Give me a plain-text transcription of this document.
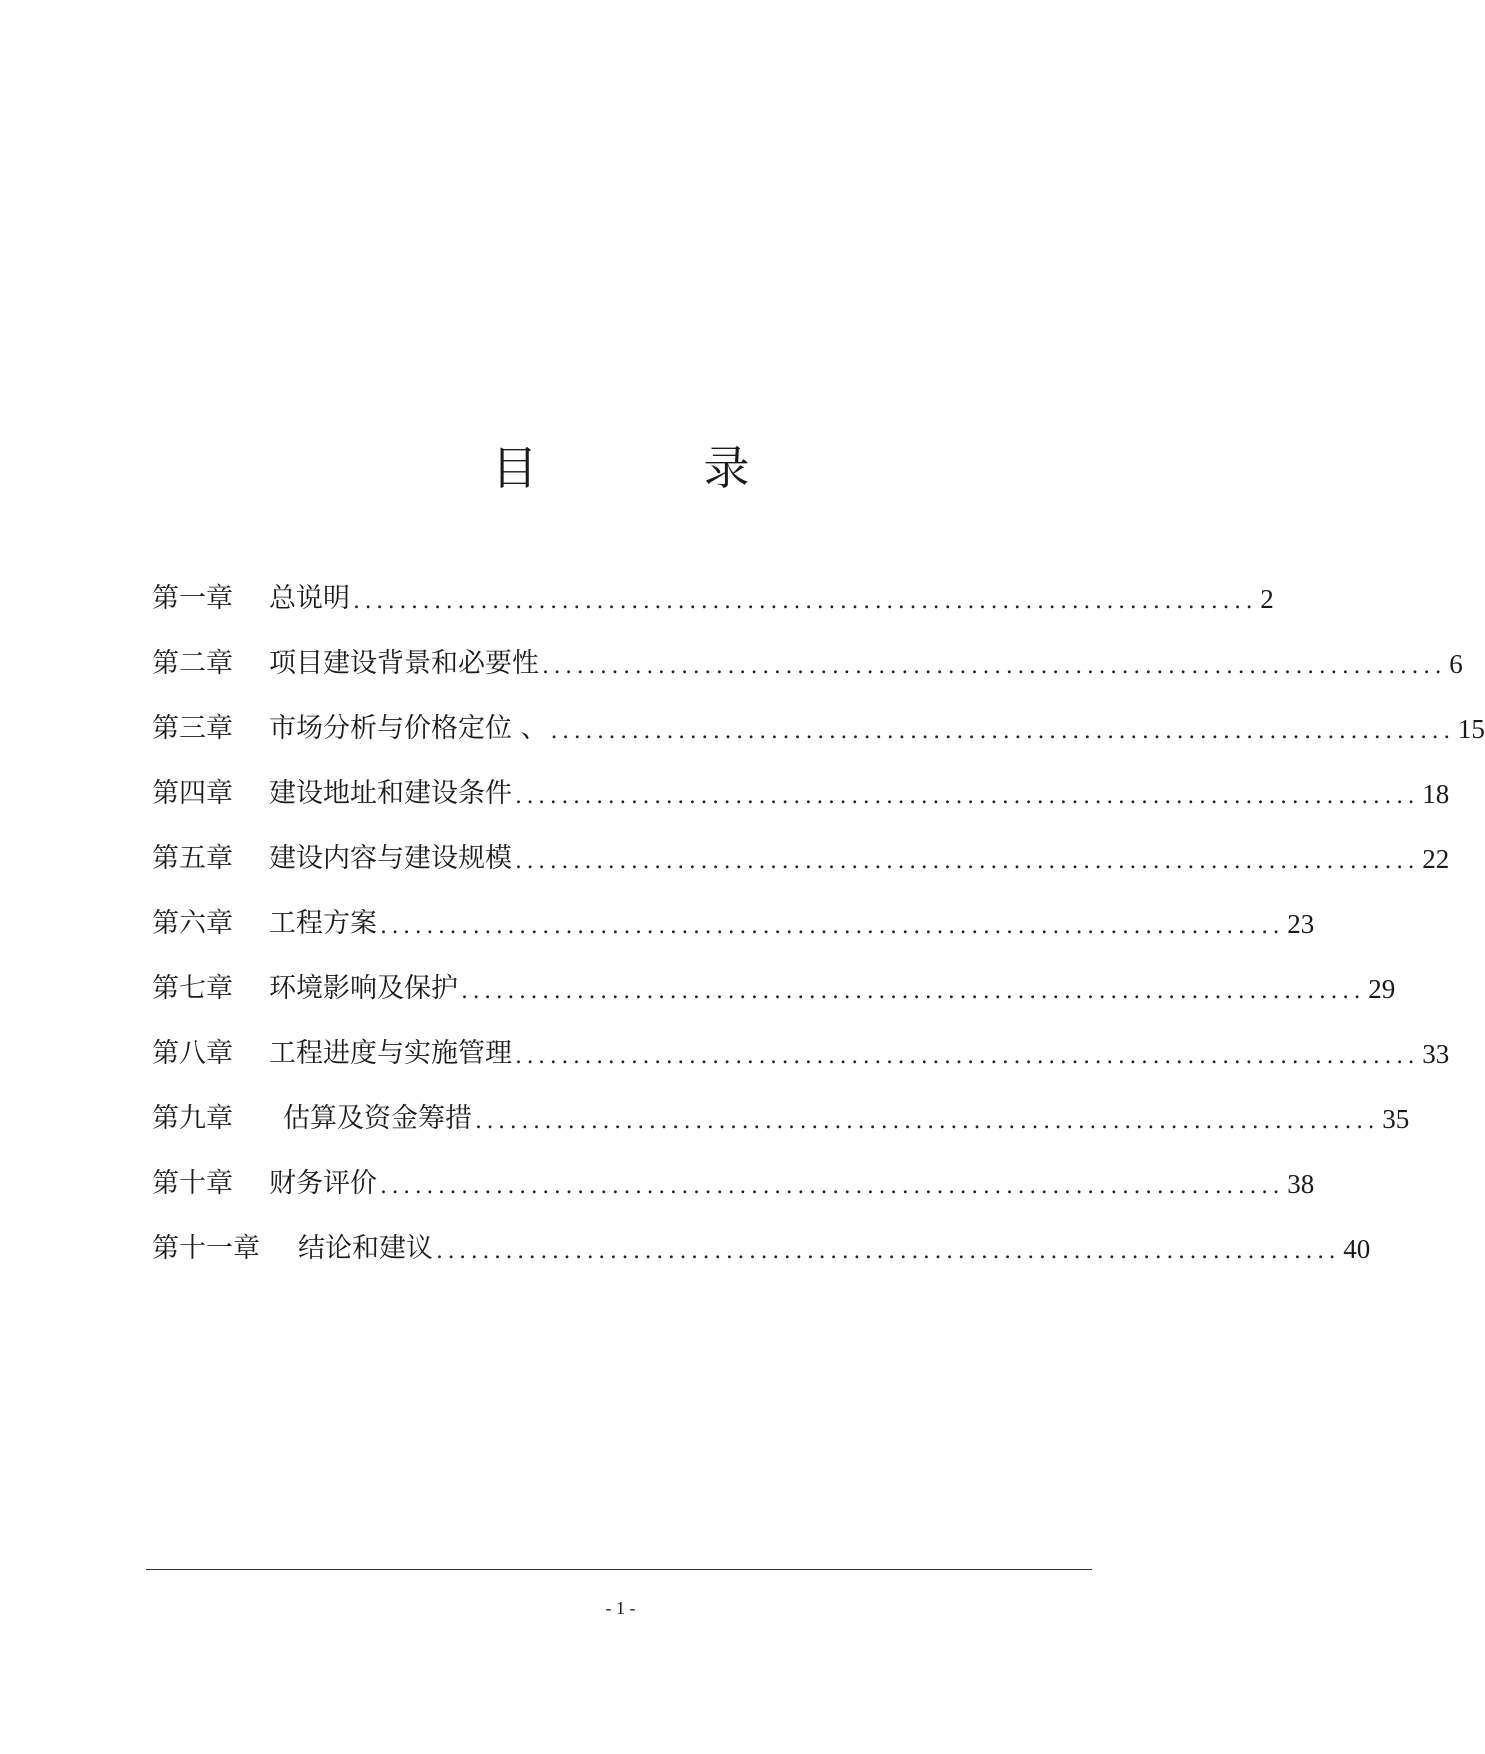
目　录
第一章	总说明 .............................................................................. 2
第二章	项目建设背景和必要性 .............................................................................. 6
第三章	市场分析与价格定位 、 .............................................................................. 15
第四章	建设地址和建设条件 .............................................................................. 18
第五章	建设内容与建设规模 .............................................................................. 22
第六章	工程方案 .............................................................................. 23
第七章	环境影响及保护 .............................................................................. 29
第八章	工程进度与实施管理 .............................................................................. 33
第九章	估算及资金筹措 .............................................................................. 35
第十章	财务评价 .............................................................................. 38
第十一章	结论和建议 .............................................................................. 40
- 1 -
